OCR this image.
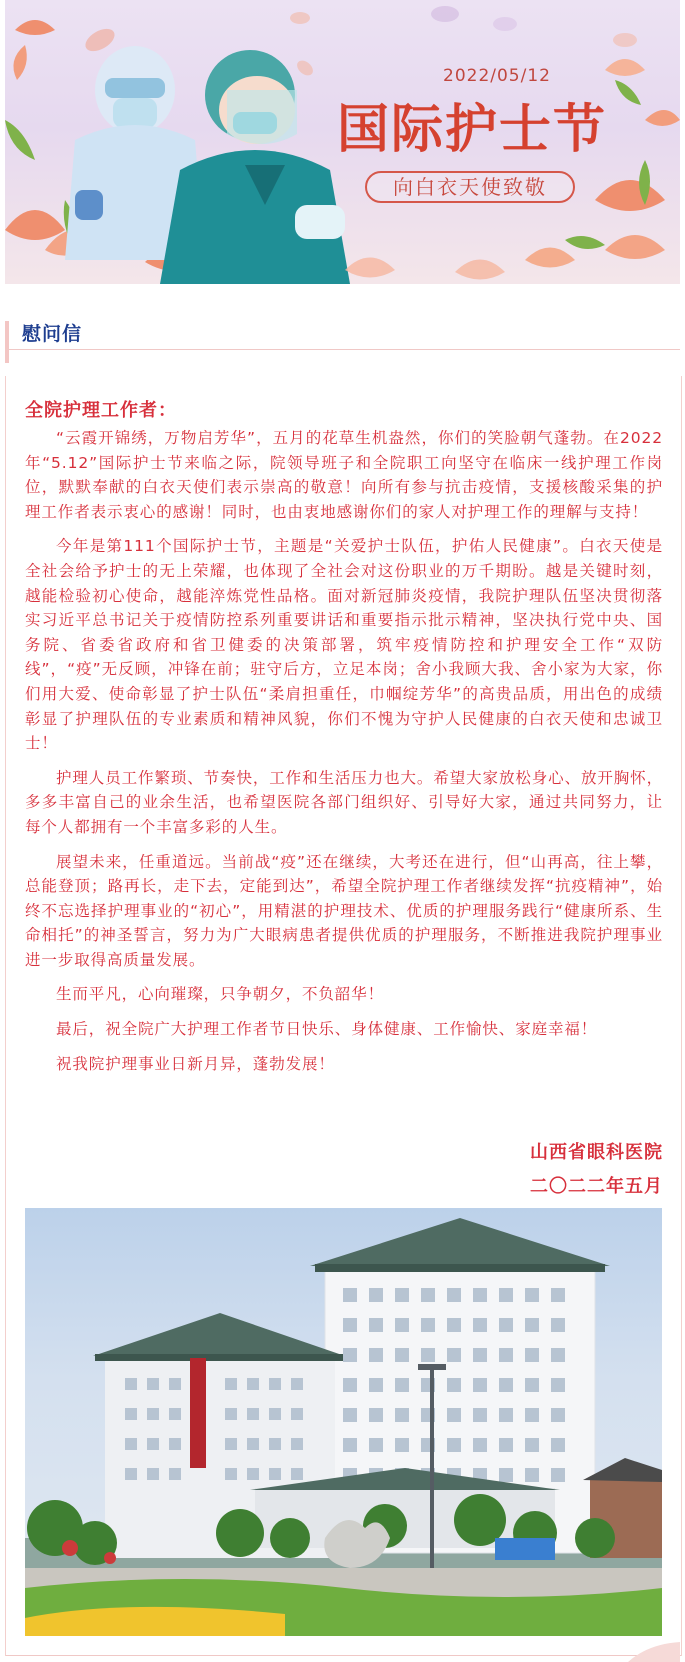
2022/05/12
国际护士节
向白衣天使致敬
慰问信
全院护理工作者：

“云霞开锦绣，万物启芳华”，五月的花草生机盎然，你们的笑脸朝气蓬勃。在2022年“5.12”国际护士节来临之际，院领导班子和全院职工向坚守在临床一线护理工作岗位，默默奉献的白衣天使们表示崇高的敬意！向所有参与抗击疫情，支援核酸采集的护理工作者表示衷心的感谢！同时，也由衷地感谢你们的家人对护理工作的理解与支持！

今年是第111个国际护士节，主题是“关爱护士队伍，护佑人民健康”。白衣天使是全社会给予护士的无上荣耀，也体现了全社会对这份职业的万千期盼。越是关键时刻，越能检验初心使命，越能淬炼党性品格。面对新冠肺炎疫情，我院护理队伍坚决贯彻落实习近平总书记关于疫情防控系列重要讲话和重要指示批示精神，坚决执行党中央、国务院、省委省政府和省卫健委的决策部署，筑牢疫情防控和护理安全工作“双防线”，“疫”无反顾，冲锋在前；驻守后方，立足本岗；舍小我顾大我、舍小家为大家，你们用大爱、使命彰显了护士队伍“柔肩担重任，巾帼绽芳华”的高贵品质，用出色的成绩彰显了护理队伍的专业素质和精神风貌，你们不愧为守护人民健康的白衣天使和忠诚卫士！

护理人员工作繁琐、节奏快，工作和生活压力也大。希望大家放松身心、放开胸怀，多多丰富自己的业余生活，也希望医院各部门组织好、引导好大家，通过共同努力，让每个人都拥有一个丰富多彩的人生。

展望未来，任重道远。当前战“疫”还在继续，大考还在进行，但“山再高，往上攀，总能登顶；路再长，走下去，定能到达”，希望全院护理工作者继续发挥“抗疫精神”，始终不忘选择护理事业的“初心”，用精湛的护理技术、优质的护理服务践行“健康所系、生命相托”的神圣誓言，努力为广大眼病患者提供优质的护理服务，不断推进我院护理事业进一步取得高质量发展。

生而平凡，心向璀璨，只争朝夕，不负韶华！

最后，祝全院广大护理工作者节日快乐、身体健康、工作愉快、家庭幸福！

祝我院护理事业日新月异，蓬勃发展！

山西省眼科医院
二〇二二年五月
